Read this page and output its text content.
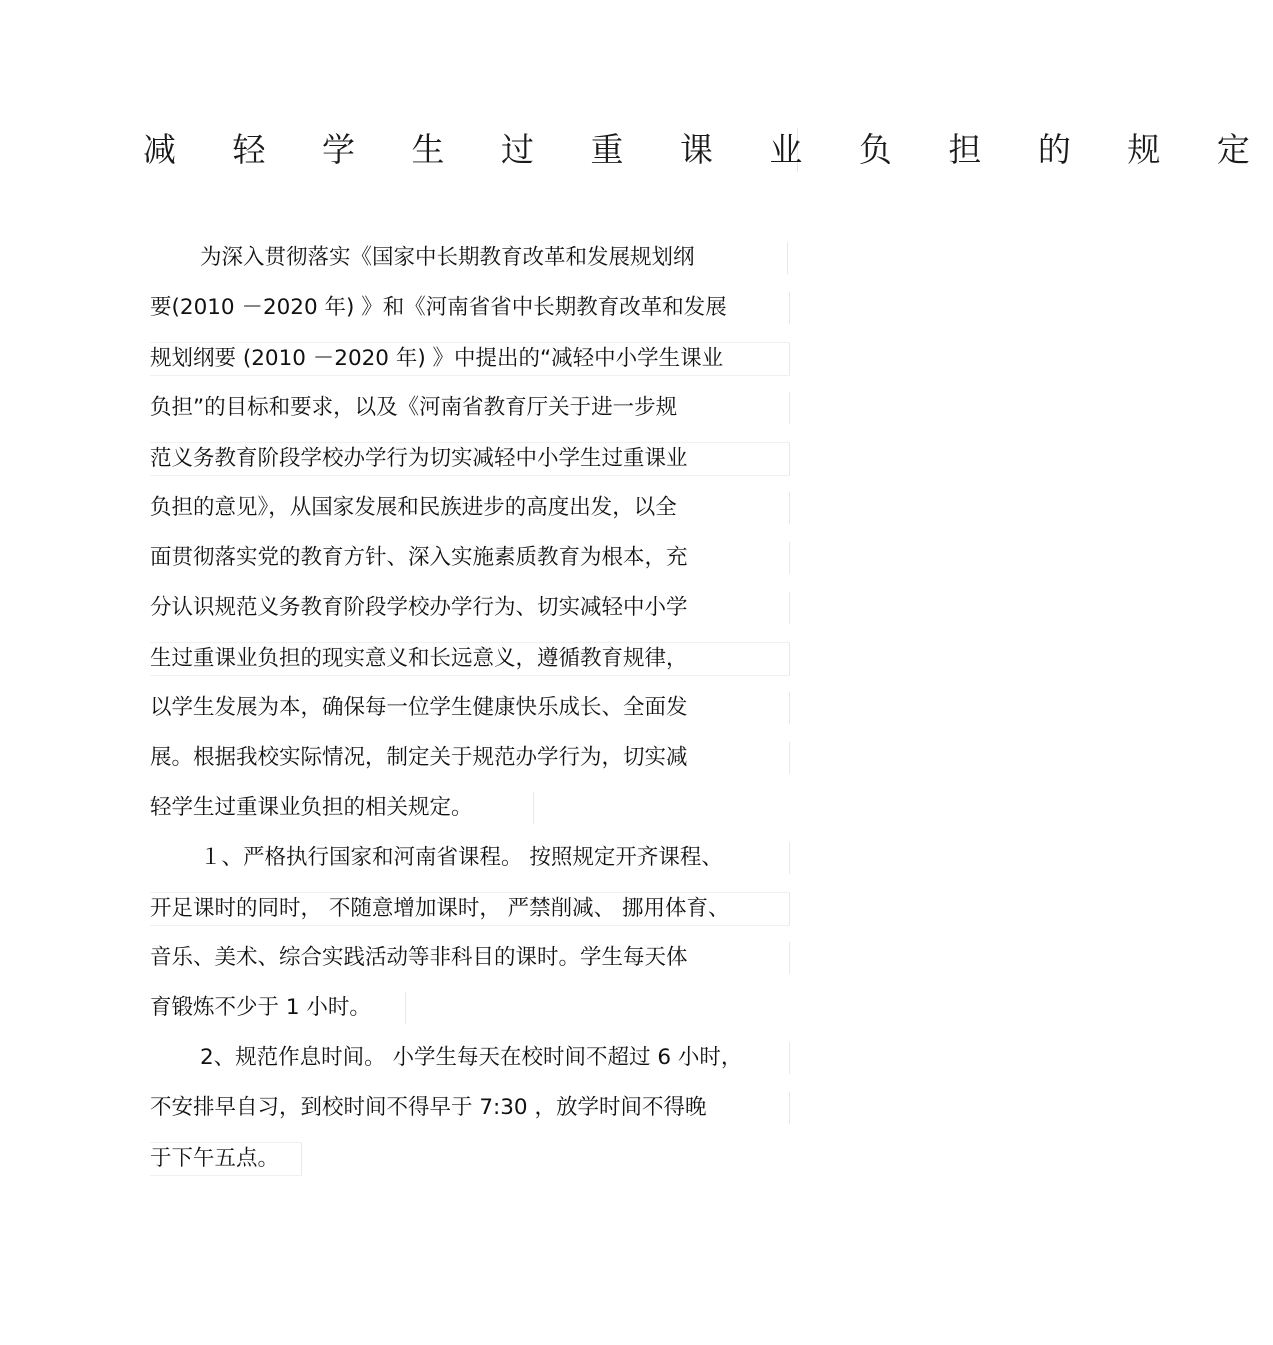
减 轻 学 生 过 重 课 业 负 担 的 规 定
为深入贯彻落实《国家中长期教育改革和发展规划纲
要(2010 －2020 年) 》和《河南省省中长期教育改革和发展
规划纲要 (2010 －2020 年) 》中提出的“减轻中小学生课业
负担”的目标和要求，以及《河南省教育厅关于进一步规
范义务教育阶段学校办学行为切实减轻中小学生过重课业
负担的意见》，从国家发展和民族进步的高度出发，以全
面贯彻落实党的教育方针、深入实施素质教育为根本，充
分认识规范义务教育阶段学校办学行为、切实减轻中小学
生过重课业负担的现实意义和长远意义，遵循教育规律，
以学生发展为本，确保每一位学生健康快乐成长、全面发
展。根据我校实际情况，制定关于规范办学行为，切实减
轻学生过重课业负担的相关规定。
１、严格执行国家和河南省课程。 按照规定开齐课程、
开足课时的同时， 不随意增加课时， 严禁削减、 挪用体育、
音乐、美术、综合实践活动等非科目的课时。学生每天体
育锻炼不少于 1 小时。
2、规范作息时间。 小学生每天在校时间不超过 6 小时，
不安排早自习，到校时间不得早于 7:30 ，放学时间不得晚
于下午五点。
